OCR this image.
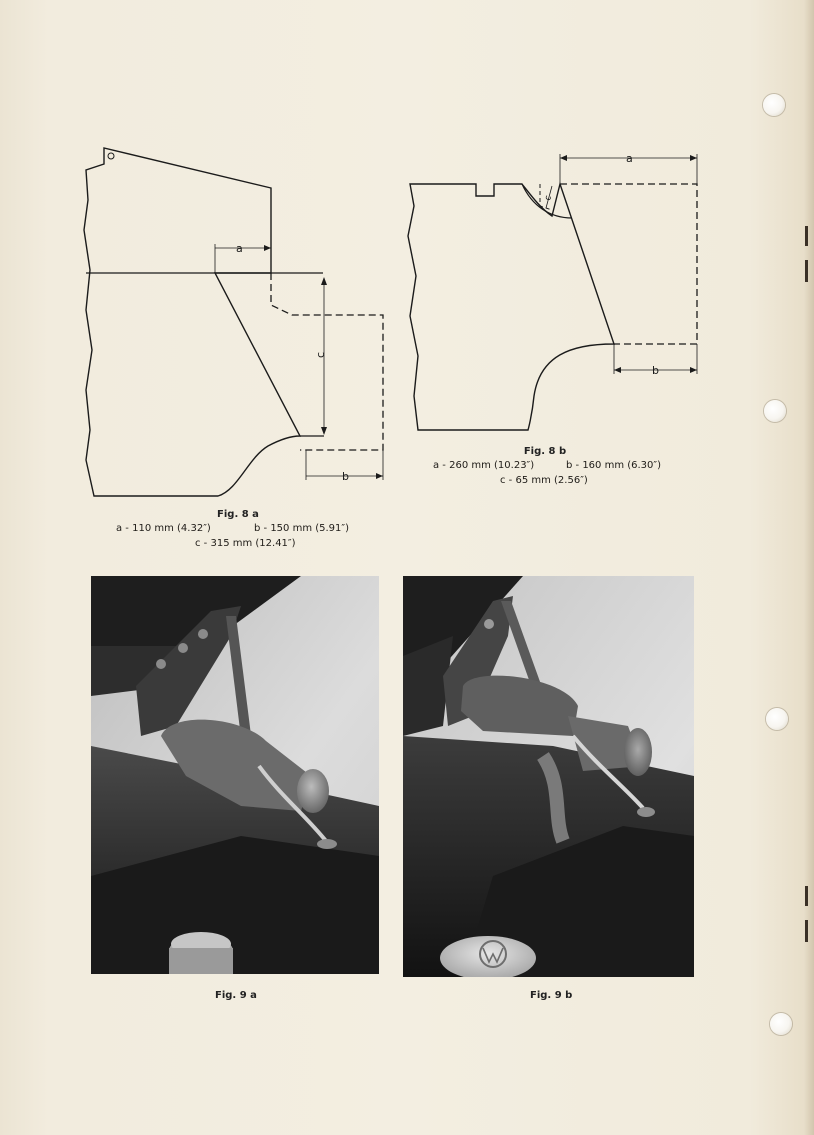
a
c
b
Fig. 8 a
a - 110 mm (4.32″)	b - 150 mm (5.91″)
c - 315 mm (12.41″)
a
c
b
Fig. 8 b
a - 260 mm (10.23″)	b - 160 mm (6.30″)
c - 65 mm (2.56″)
Fig. 9 a	Fig. 9 b
